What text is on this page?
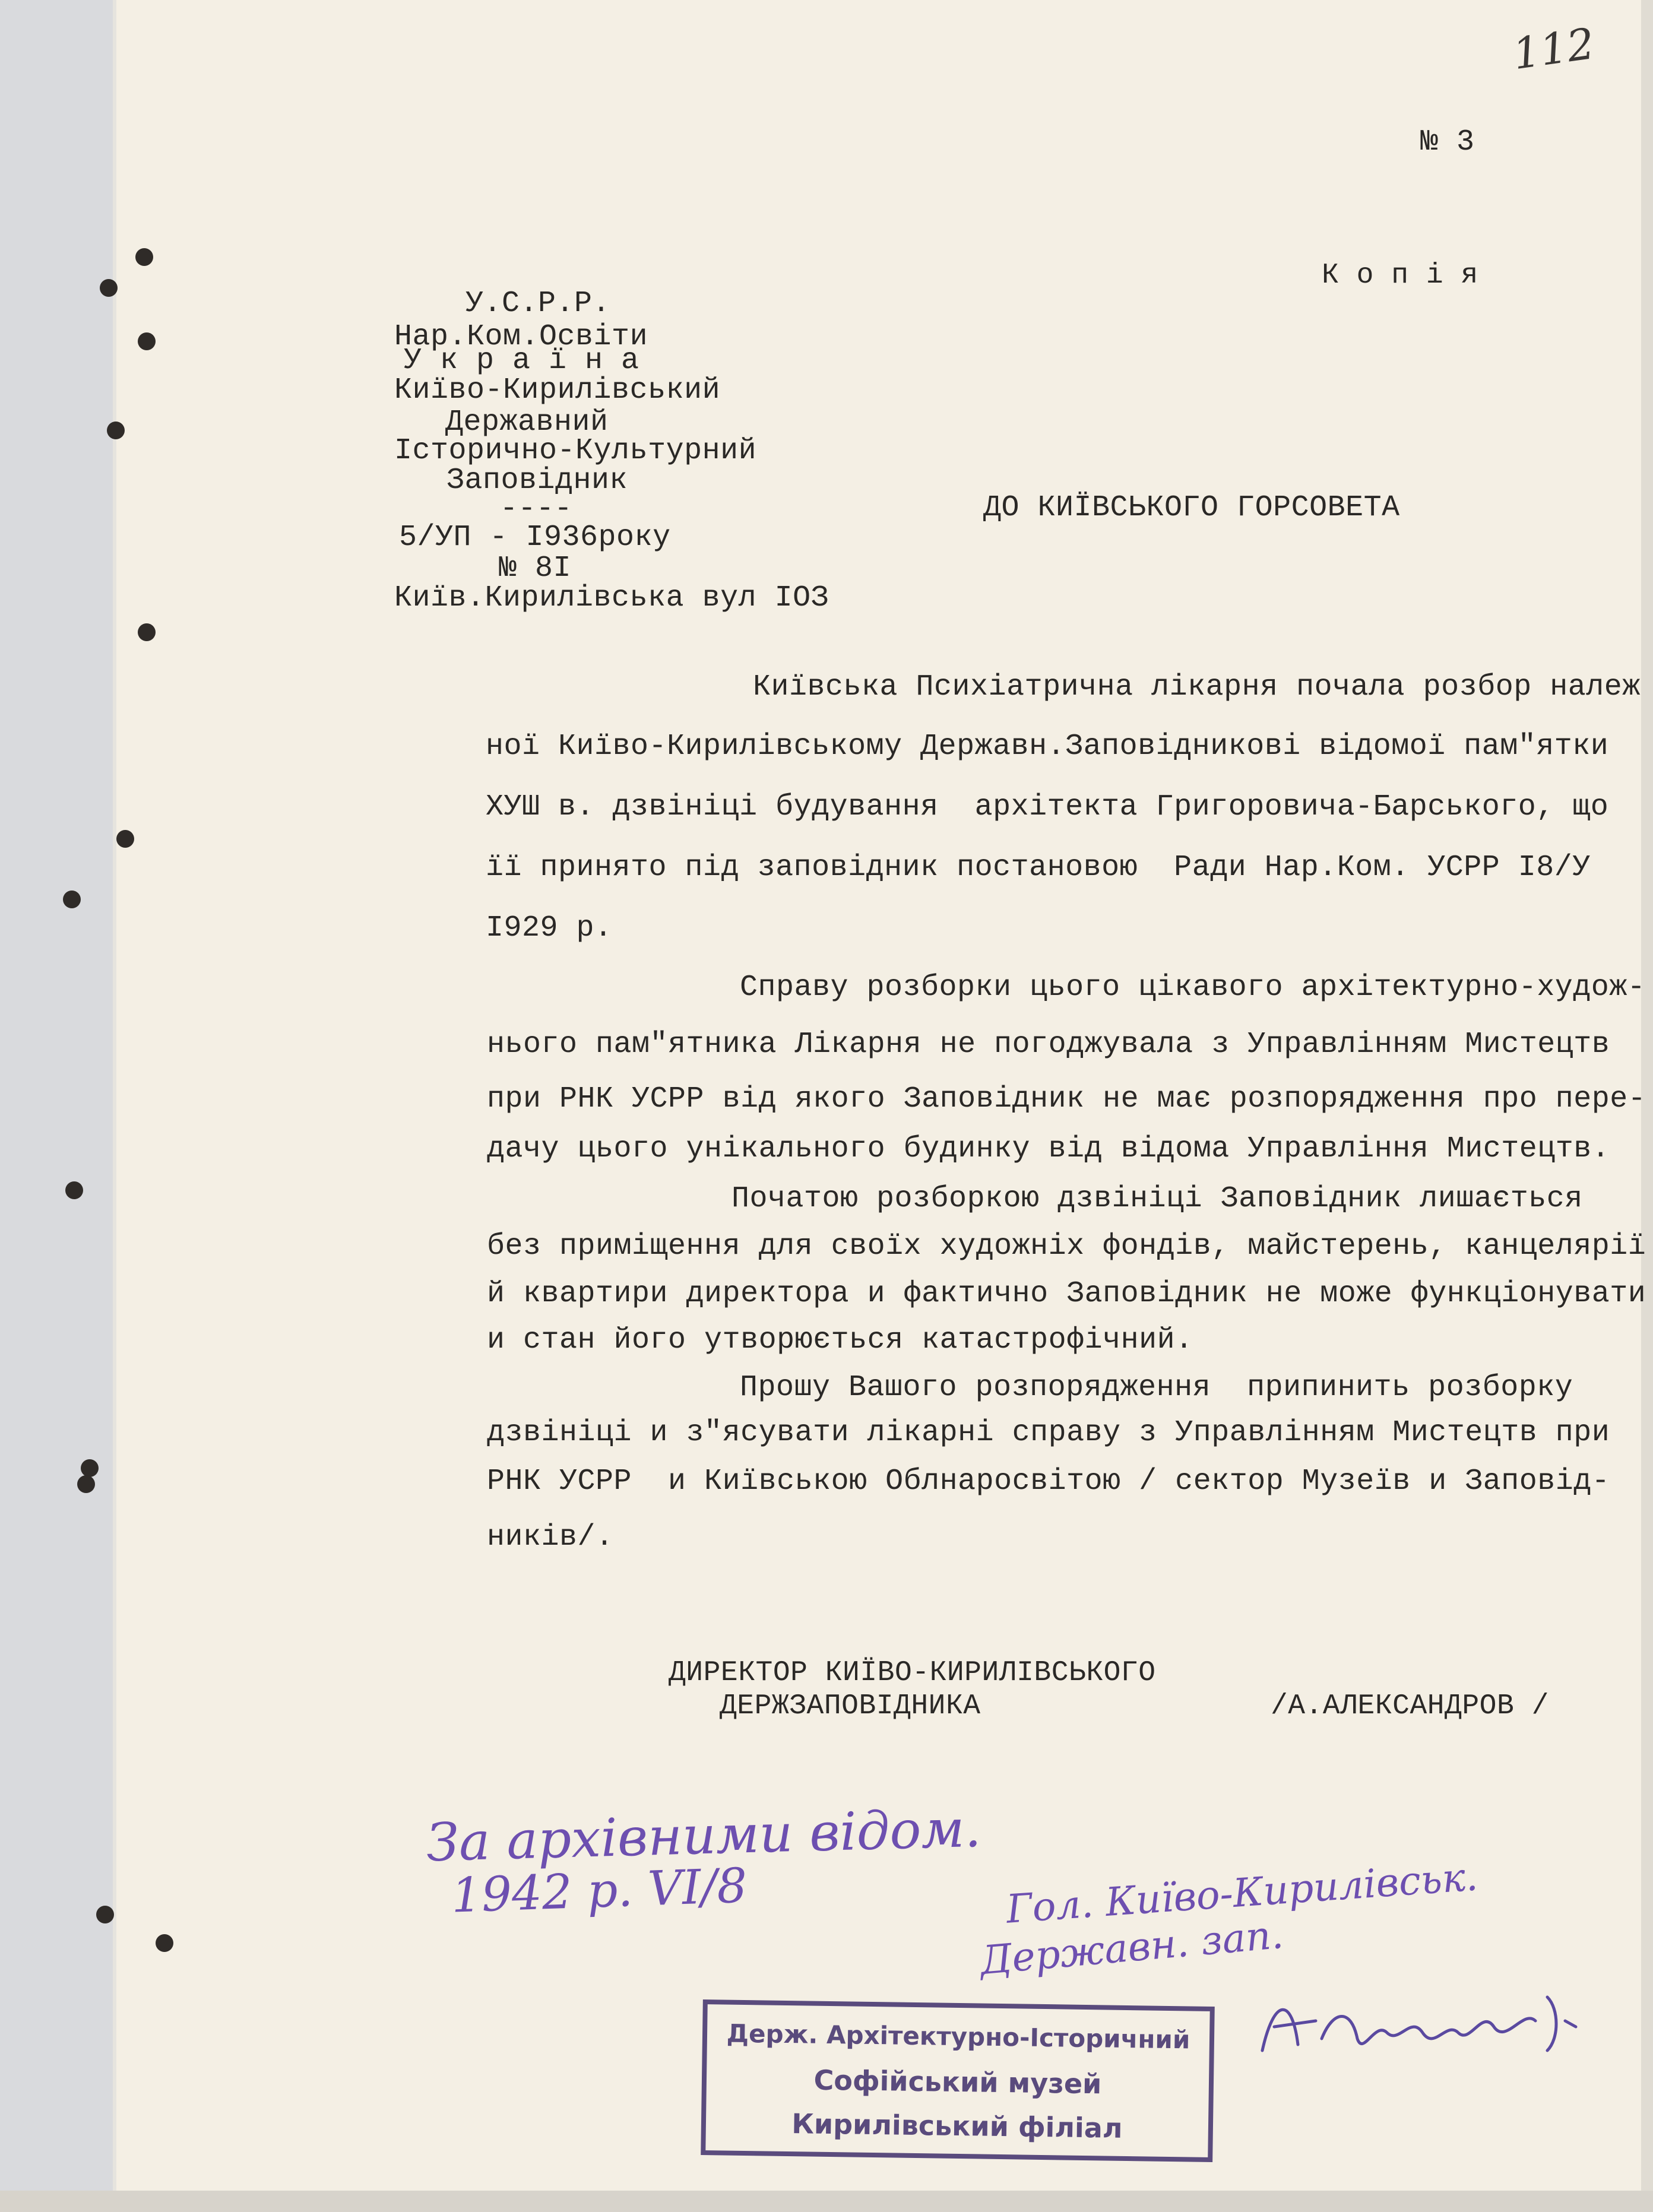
112
№ 3
К о п і я
У.С.Р.Р.
Нар.Ком.Освіти
У к р а ї н а
Київо-Кирилівський
Державний
Історично-Культурний
Заповідник
----
5/УП - І936року
№ 8І
Київ.Кирилівська вул ІОЗ
ДО КИЇВСЬКОГО ГОРСОВЕТА
Київська Психіатрична лікарня почала розбор належ
ної Київо-Кирилівському Державн.Заповідникові відомої пам"ятки
ХУШ в. дзвініці будування  архітекта Григоровича-Барського, що
її принято під заповідник постановою  Ради Нар.Ком. УСРР І8/У
І929 р.
Справу розборки цього цікавого архітектурно-худож-
нього пам"ятника Лікарня не погоджувала з Управлінням Мистецтв
при РНК УСРР від якого Заповідник не має розпорядження про пере-
дачу цього унікального будинку від відома Управління Мистецтв.
Початою розборкою дзвініці Заповідник лишається
без приміщення для своїх художніх фондів, майстерень, канцелярії
й квартири директора и фактично Заповідник не може функціонувати
и стан його утворюється катастрофічний.
Прошу Вашого розпорядження  припинить розборку
дзвініці и з"ясувати лікарні справу з Управлінням Мистецтв при
РНК УСРР  и Київською Облнаросвітою / сектор Музеїв и Заповід-
ників/.
ДИРЕКТОР КИЇВО-КИРИЛІВСЬКОГО
ДЕРЖЗАПОВІДНИКА	/А.АЛЕКСАНДРОВ /
За архівними відом.
1942 р. VI/8	Гол. Київо-Кирилівськ.
Державн. зап.
Держ. Архітектурно-Історичний
Софійський музей
Кирилівський філіал
